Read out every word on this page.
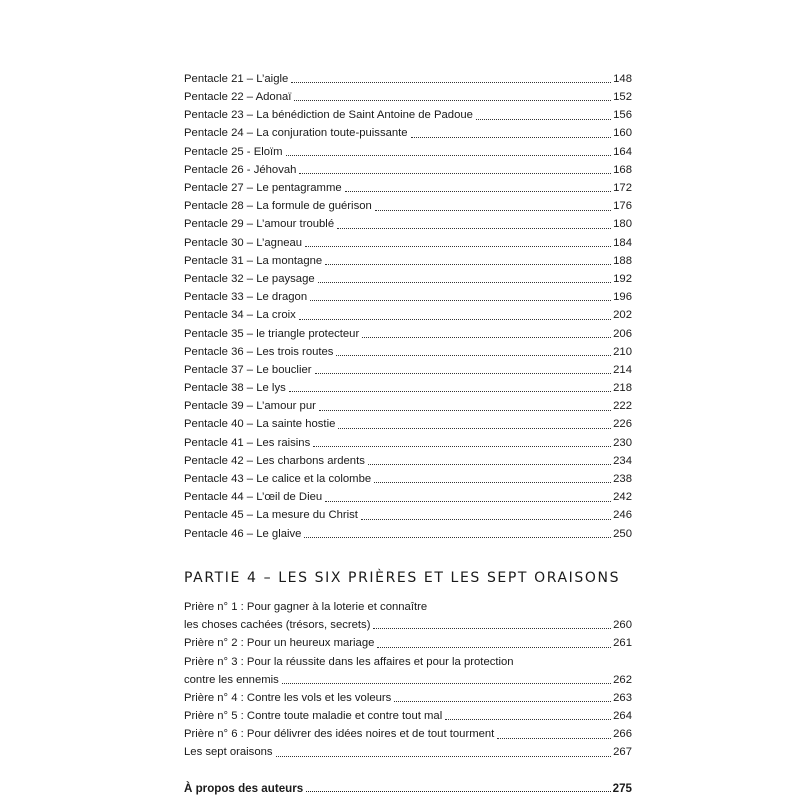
Pentacle 21 – L’aigle	148
Pentacle 22 – Adonaï	152
Pentacle 23 – La bénédiction de Saint Antoine de Padoue	156
Pentacle 24 – La conjuration toute-puissante	160
Pentacle 25 - Eloïm	164
Pentacle 26 - Jéhovah	168
Pentacle 27 – Le pentagramme	172
Pentacle 28 – La formule de guérison	176
Pentacle 29 – L’amour troublé	180
Pentacle 30 – L’agneau	184
Pentacle 31 – La montagne	188
Pentacle 32 – Le paysage	192
Pentacle 33 – Le dragon	196
Pentacle 34 – La croix	202
Pentacle 35 – le triangle protecteur	206
Pentacle 36 – Les trois routes	210
Pentacle 37 – Le bouclier	214
Pentacle 38 – Le lys	218
Pentacle 39 – L’amour pur	222
Pentacle 40 – La sainte hostie	226
Pentacle 41 – Les raisins	230
Pentacle 42 – Les charbons ardents	234
Pentacle 43 – Le calice et la colombe	238
Pentacle 44 – L’œil de Dieu	242
Pentacle 45 – La mesure du Christ	246
Pentacle 46 – Le glaive	250
PARTIE 4 – LES SIX PRIÈRES ET LES SEPT ORAISONS
Prière n° 1 : Pour gagner à la loterie et connaître
les choses cachées (trésors, secrets)	260
Prière n° 2 : Pour un heureux mariage	261
Prière n° 3 : Pour la réussite dans les affaires et pour la protection
contre les ennemis	262
Prière n° 4 : Contre les vols et les voleurs	263
Prière n° 5 : Contre toute maladie et contre tout mal	264
Prière n° 6 : Pour délivrer des idées noires et de tout tourment	266
Les sept oraisons	267
À propos des auteurs	275
